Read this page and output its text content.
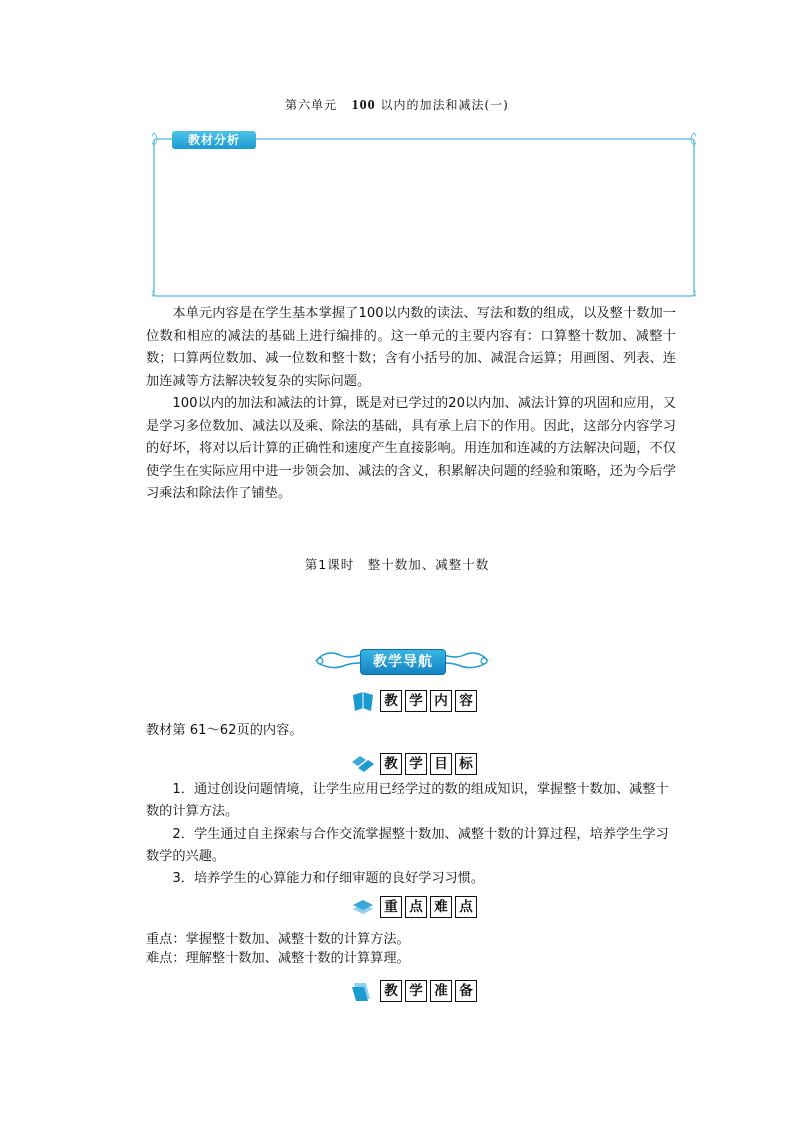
第六单元 100 以内的加法和减法(一)
教材分析

本单元内容是在学生基本掌握了100以内数的读法、写法和数的组成，以及整十数加一位数和相应的减法的基础上进行编排的。这一单元的主要内容有：口算整十数加、减整十数；口算两位数加、减一位数和整十数；含有小括号的加、减混合运算；用画图、列表、连加连减等方法解决较复杂的实际问题。

100以内的加法和减法的计算，既是对已学过的20以内加、减法计算的巩固和应用，又是学习多位数加、减法以及乘、除法的基础，具有承上启下的作用。因此，这部分内容学习的好坏，将对以后计算的正确性和速度产生直接影响。用连加和连减的方法解决问题，不仅使学生在实际应用中进一步领会加、减法的含义，积累解决问题的经验和策略，还为今后学习乘法和除法作了铺垫。

第1课时　整十数加、减整十数
教学导航
教 学 内 容
教材第 61～62页的内容。
教 学 目 标

1．通过创设问题情境，让学生应用已经学过的数的组成知识，掌握整十数加、减整十数的计算方法。

2．学生通过自主探索与合作交流掌握整十数加、减整十数的计算过程，培养学生学习数学的兴趣。

3．培养学生的心算能力和仔细审题的良好学习习惯。

重 点 难 点
重点：掌握整十数加、减整十数的计算方法。
难点：理解整十数加、减整十数的计算算理。
教 学 准 备
